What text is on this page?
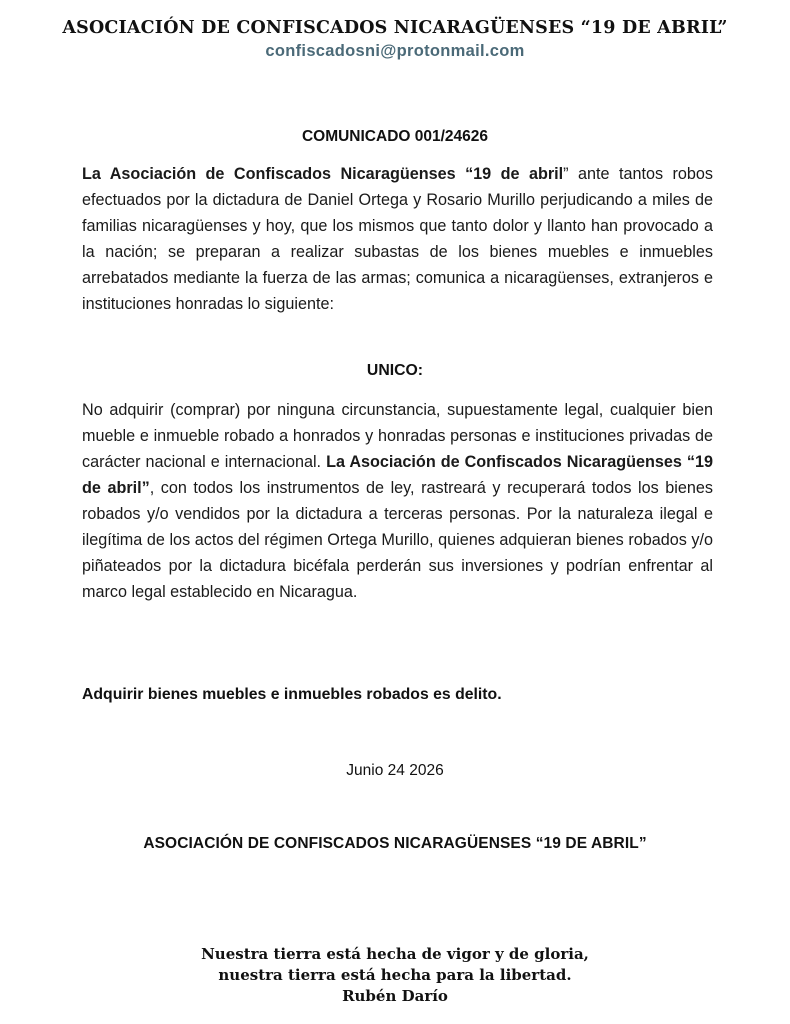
ASOCIACIÓN DE CONFISCADOS NICARAGÜENSES “19 DE ABRIL”
confiscadosni@protonmail.com
COMUNICADO 001/24626
La Asociación de Confiscados Nicaragüenses “19 de abril” ante tantos robos efectuados por la dictadura de Daniel Ortega y Rosario Murillo perjudicando a miles de familias nicaragüenses y hoy, que los mismos que tanto dolor y llanto han provocado a la nación; se preparan a realizar subastas de los bienes muebles e inmuebles arrebatados mediante la fuerza de las armas; comunica a nicaragüenses, extranjeros e instituciones honradas lo siguiente:
UNICO:
No adquirir (comprar) por ninguna circunstancia, supuestamente legal, cualquier bien mueble e inmueble robado a honrados y honradas personas e instituciones privadas de carácter nacional e internacional. La Asociación de Confiscados Nicaragüenses “19 de abril”, con todos los instrumentos de ley, rastreará y recuperará todos los bienes robados y/o vendidos por la dictadura a terceras personas. Por la naturaleza ilegal e ilegítima de los actos del régimen Ortega Murillo, quienes adquieran bienes robados y/o piñateados por la dictadura bicéfala perderán sus inversiones y podrían enfrentar al marco legal establecido en Nicaragua.
Adquirir bienes muebles e inmuebles robados es delito.
Junio 24 2026
ASOCIACIÓN DE CONFISCADOS NICARAGÜENSES “19 DE ABRIL”
Nuestra tierra está hecha de vigor y de gloria,
nuestra tierra está hecha para la libertad.
Rubén Darío
